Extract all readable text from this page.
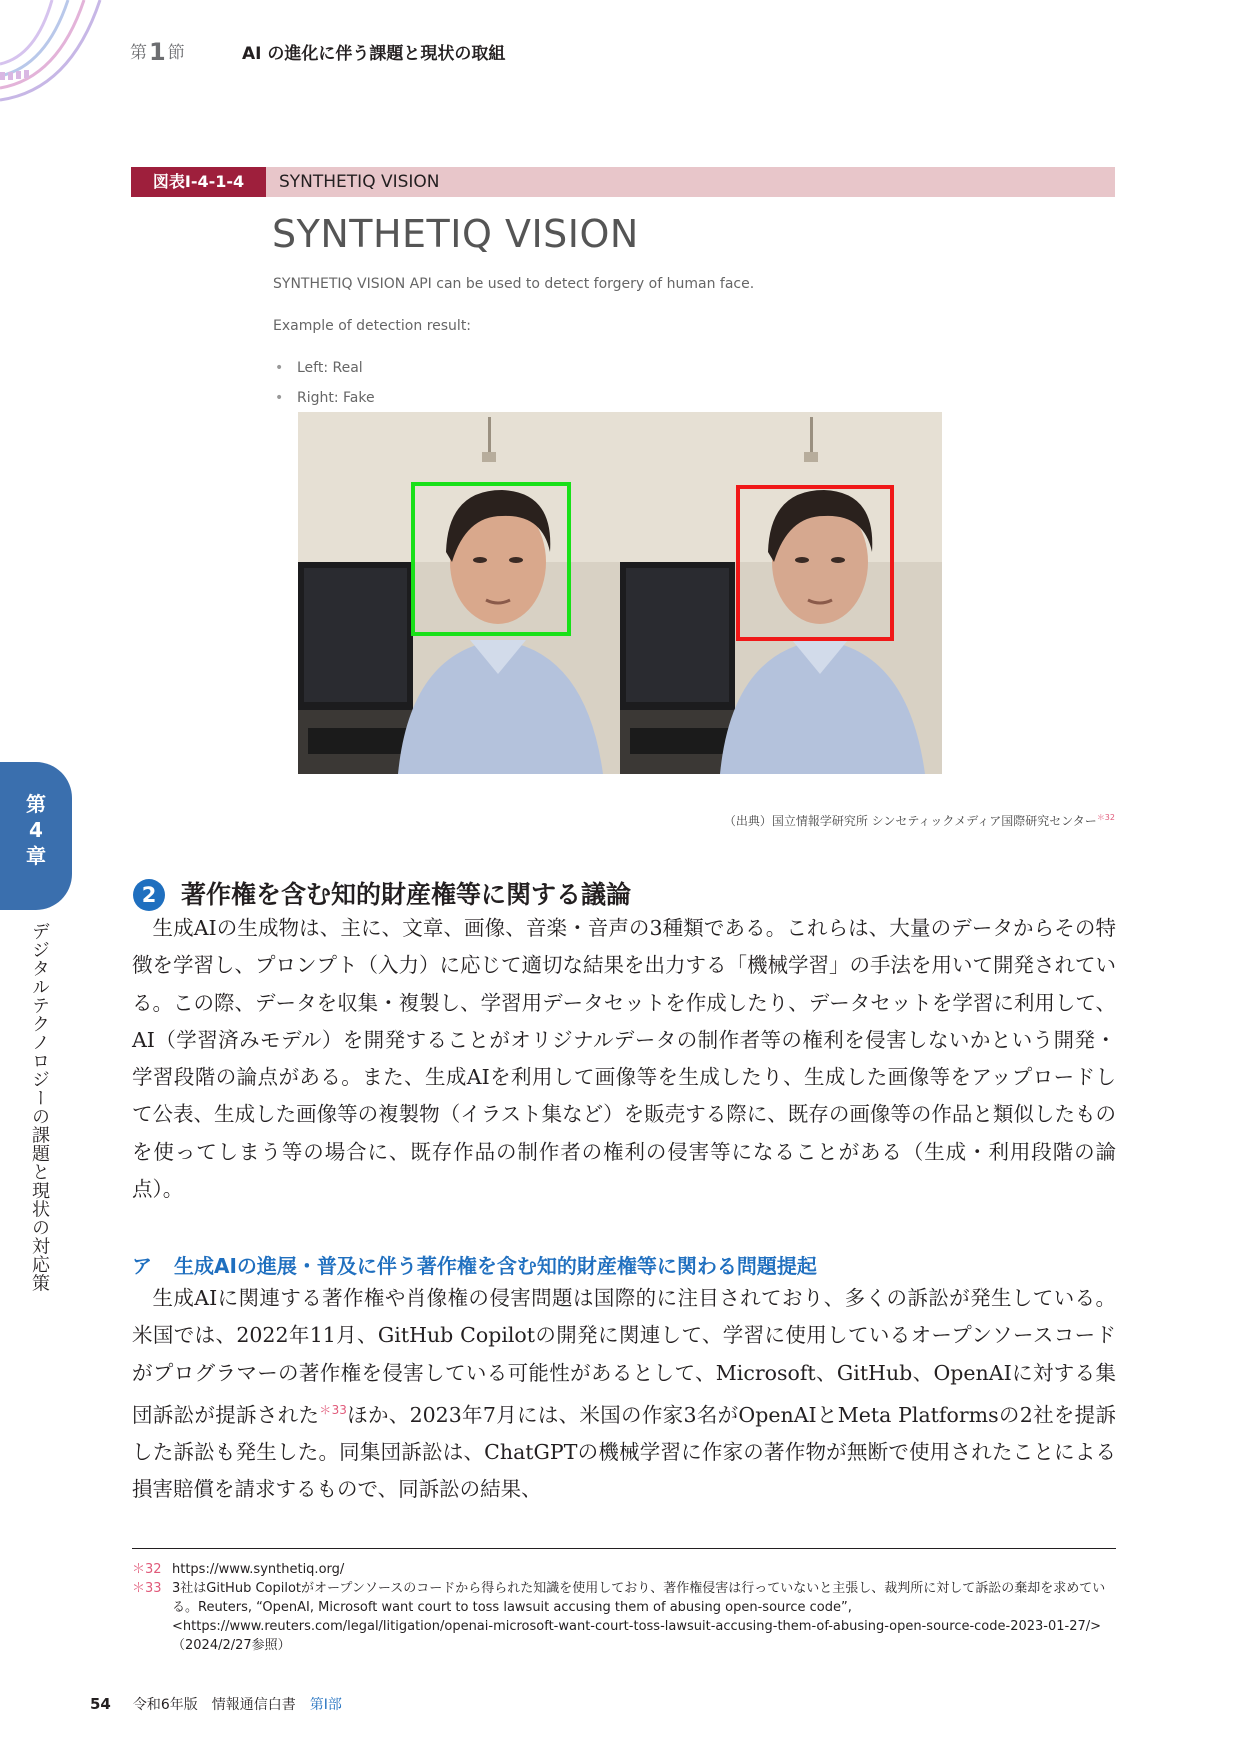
第1 節	AI の進化に伴う課題と現状の取組
図表Ⅰ-4-1-4	SYNTHETIQ VISION
SYNTHETIQ VISION
SYNTHETIQ VISION API can be used to detect forgery of human face.
Example of detection result:
• Left: Real
• Right: Fake
（出典）国立情報学研究所 シンセティックメディア国際研究センター$^{*32}$
第
4
章
デジタルテクノロジーの課題と現状の対応策
2 著作権を含む知的財産権等に関する議論

生成AIの生成物は、主に、文章、画像、音楽・音声の3種類である。これらは、大量のデータからその特徴を学習し、プロンプト（入力）に応じて適切な結果を出力する「機械学習」の手法を用いて開発されている。この際、データを収集・複製し、学習用データセットを作成したり、データセットを学習に利用して、AI（学習済みモデル）を開発することがオリジナルデータの制作者等の権利を侵害しないかという開発・学習段階の論点がある。また、生成AIを利用して画像等を生成したり、生成した画像等をアップロードして公表、生成した画像等の複製物（イラスト集など）を販売する際に、既存の画像等の作品と類似したものを使ってしまう等の場合に、既存作品の制作者の権利の侵害等になることがある（生成・利用段階の論点）。

ア 生成AIの進展・普及に伴う著作権を含む知的財産権等に関わる問題提起

生成AIに関連する著作権や肖像権の侵害問題は国際的に注目されており、多くの訴訟が発生している。米国では、2022年11月、GitHub Copilotの開発に関連して、学習に使用しているオープンソースコードがプログラマーの著作権を侵害している可能性があるとして、Microsoft、GitHub、OpenAIに対する集団訴訟が提訴された$^{*33}$ほか、2023年7月には、米国の作家3名がOpenAIとMeta Platformsの2社を提訴した訴訟も発生した。同集団訴訟は、ChatGPTの機械学習に作家の著作物が無断で使用されたことによる損害賠償を請求するもので、同訴訟の結果、

＊32 https://www.synthetiq.org/
＊33 3社はGitHub Copilotがオープンソースのコードから得られた知識を使用しており、著作権侵害は行っていないと主張し、裁判所に対して訴訟の棄却を求めている。Reuters, “OpenAI, Microsoft want court to toss lawsuit accusing them of abusing open-source code”, <https://www.reuters.com/legal/litigation/openai-microsoft-want-court-toss-lawsuit-accusing-them-of-abusing-open-source-code-2023-01-27/>（2024/2/27参照）
54 令和6年版　情報通信白書 第Ⅰ部
